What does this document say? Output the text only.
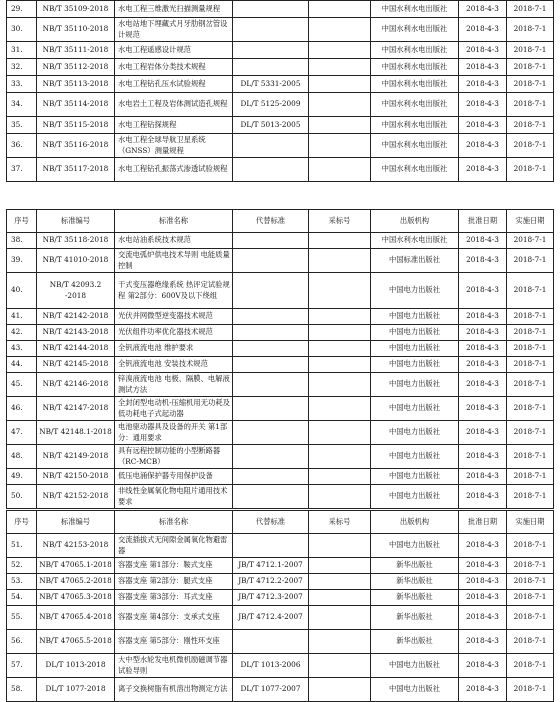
29.	NB/T 35109-2018	水电工程三维激光扫描测量规程			中国水利水电出版社	2018-4-3	2018-7-1
30.	NB/T 35110-2018	水电站地下埋藏式月牙肋钢岔管设计规范			中国水利水电出版社	2018-4-3	2018-7-1
31.	NB/T 35111-2018	水电工程遥感设计规范			中国水利水电出版社	2018-4-3	2018-7-1
32.	NB/T 35112-2018	水电工程岩体分类技术规程			中国水利水电出版社	2018-4-3	2018-7-1
33.	NB/T 35113-2018	水电工程钻孔压水试验规程	DL/T 5331-2005		中国水利水电出版社	2018-4-3	2018-7-1
34.	NB/T 35114-2018	水电岩土工程及岩体测试造孔规程	DL/T 5125-2009		中国水利水电出版社	2018-4-3	2018-7-1
35.	NB/T 35115-2018	水电工程钻探规程	DL/T 5013-2005		中国水利水电出版社	2018-4-3	2018-7-1
36.	NB/T 35116-2018	水电工程全球导航卫星系统（GNSS）测量规程			中国水利水电出版社	2018-4-3	2018-7-1
37.	NB/T 35117-2018	水电工程钻孔振荡式渗透试验规程			中国水利水电出版社	2018-4-3	2018-7-1
序号	标准编号	标准名称	代替标准	采标号	出版机构	批准日期	实施日期
38.	NB/T 35118-2018	水电站油系统技术规范			中国水利水电出版社	2018-4-3	2018-7-1
39.	NB/T 41010-2018	交流电弧炉供电技术导则 电能质量控制			中国标准出版社	2018-4-3	2018-7-1
40.	NB/T 42093.2 -2018	干式变压器绝缘系统 热评定试验规程 第2部分：600V及以下绕组			中国电力出版社	2018-4-3	2018-7-1
41.	NB/T 42142-2018	光伏并网微型逆变器技术规范			中国电力出版社	2018-4-3	2018-7-1
42.	NB/T 42143-2018	光伏组件功率优化器技术规范			中国电力出版社	2018-4-3	2018-7-1
43.	NB/T 42144-2018	全钒液流电池 维护要求			中国电力出版社	2018-4-3	2018-7-1
44.	NB/T 42145-2018	全钒液流电池 安装技术规范			中国电力出版社	2018-4-3	2018-7-1
45.	NB/T 42146-2018	锌溴液流电池 电极、隔膜、电解液测试方法			中国电力出版社	2018-4-3	2018-7-1
46.	NB/T 42147-2018	全封闭型电动机-压缩机用无功耗及低功耗电子式起动器			中国电力出版社	2018-4-3	2018-7-1
47.	NB/T 42148.1-2018	电池驱动器具及设备的开关 第1部分：通用要求			中国电力出版社	2018-4-3	2018-7-1
48.	NB/T 42149-2018	具有远程控制功能的小型断路器（RC-MCB）			中国电力出版社	2018-4-3	2018-7-1
49.	NB/T 42150-2018	低压电涌保护器专用保护设备			中国电力出版社	2018-4-3	2018-7-1
50.	NB/T 42152-2018	非线性金属氧化物电阻片通用技术要求			中国电力出版社	2018-4-3	2018-7-1
序号	标准编号	标准名称	代替标准	采标号	出版机构	批准日期	实施日期
51.	NB/T 42153-2018	交流插拔式无间隙金属氧化物避雷器			中国电力出版社	2018-4-3	2018-7-1
52.	NB/T 47065.1-2018	容器支座 第1部分：鞍式支座	JB/T 4712.1-2007		新华出版社	2018-4-3	2018-7-1
53.	NB/T 47065.2-2018	容器支座 第2部分：腿式支座	JB/T 4712.2-2007		新华出版社	2018-4-3	2018-7-1
54.	NB/T 47065.3-2018	容器支座 第3部分：耳式支座	JB/T 4712.3-2007		新华出版社	2018-4-3	2018-7-1
55.	NB/T 47065.4-2018	容器支座 第4部分：支承式支座	JB/T 4712.4-2007		新华出版社	2018-4-3	2018-7-1
56.	NB/T 47065.5-2018	容器支座 第5部分：刚性环支座			新华出版社	2018-4-3	2018-7-1
57.	DL/T 1013-2018	大中型水轮发电机微机励磁调节器试验导则	DL/T 1013-2006		中国电力出版社	2018-4-3	2018-7-1
58.	DL/T 1077-2018	离子交换树脂有机溶出物测定方法	DL/T 1077-2007		中国电力出版社	2018-4-3	2018-7-1
